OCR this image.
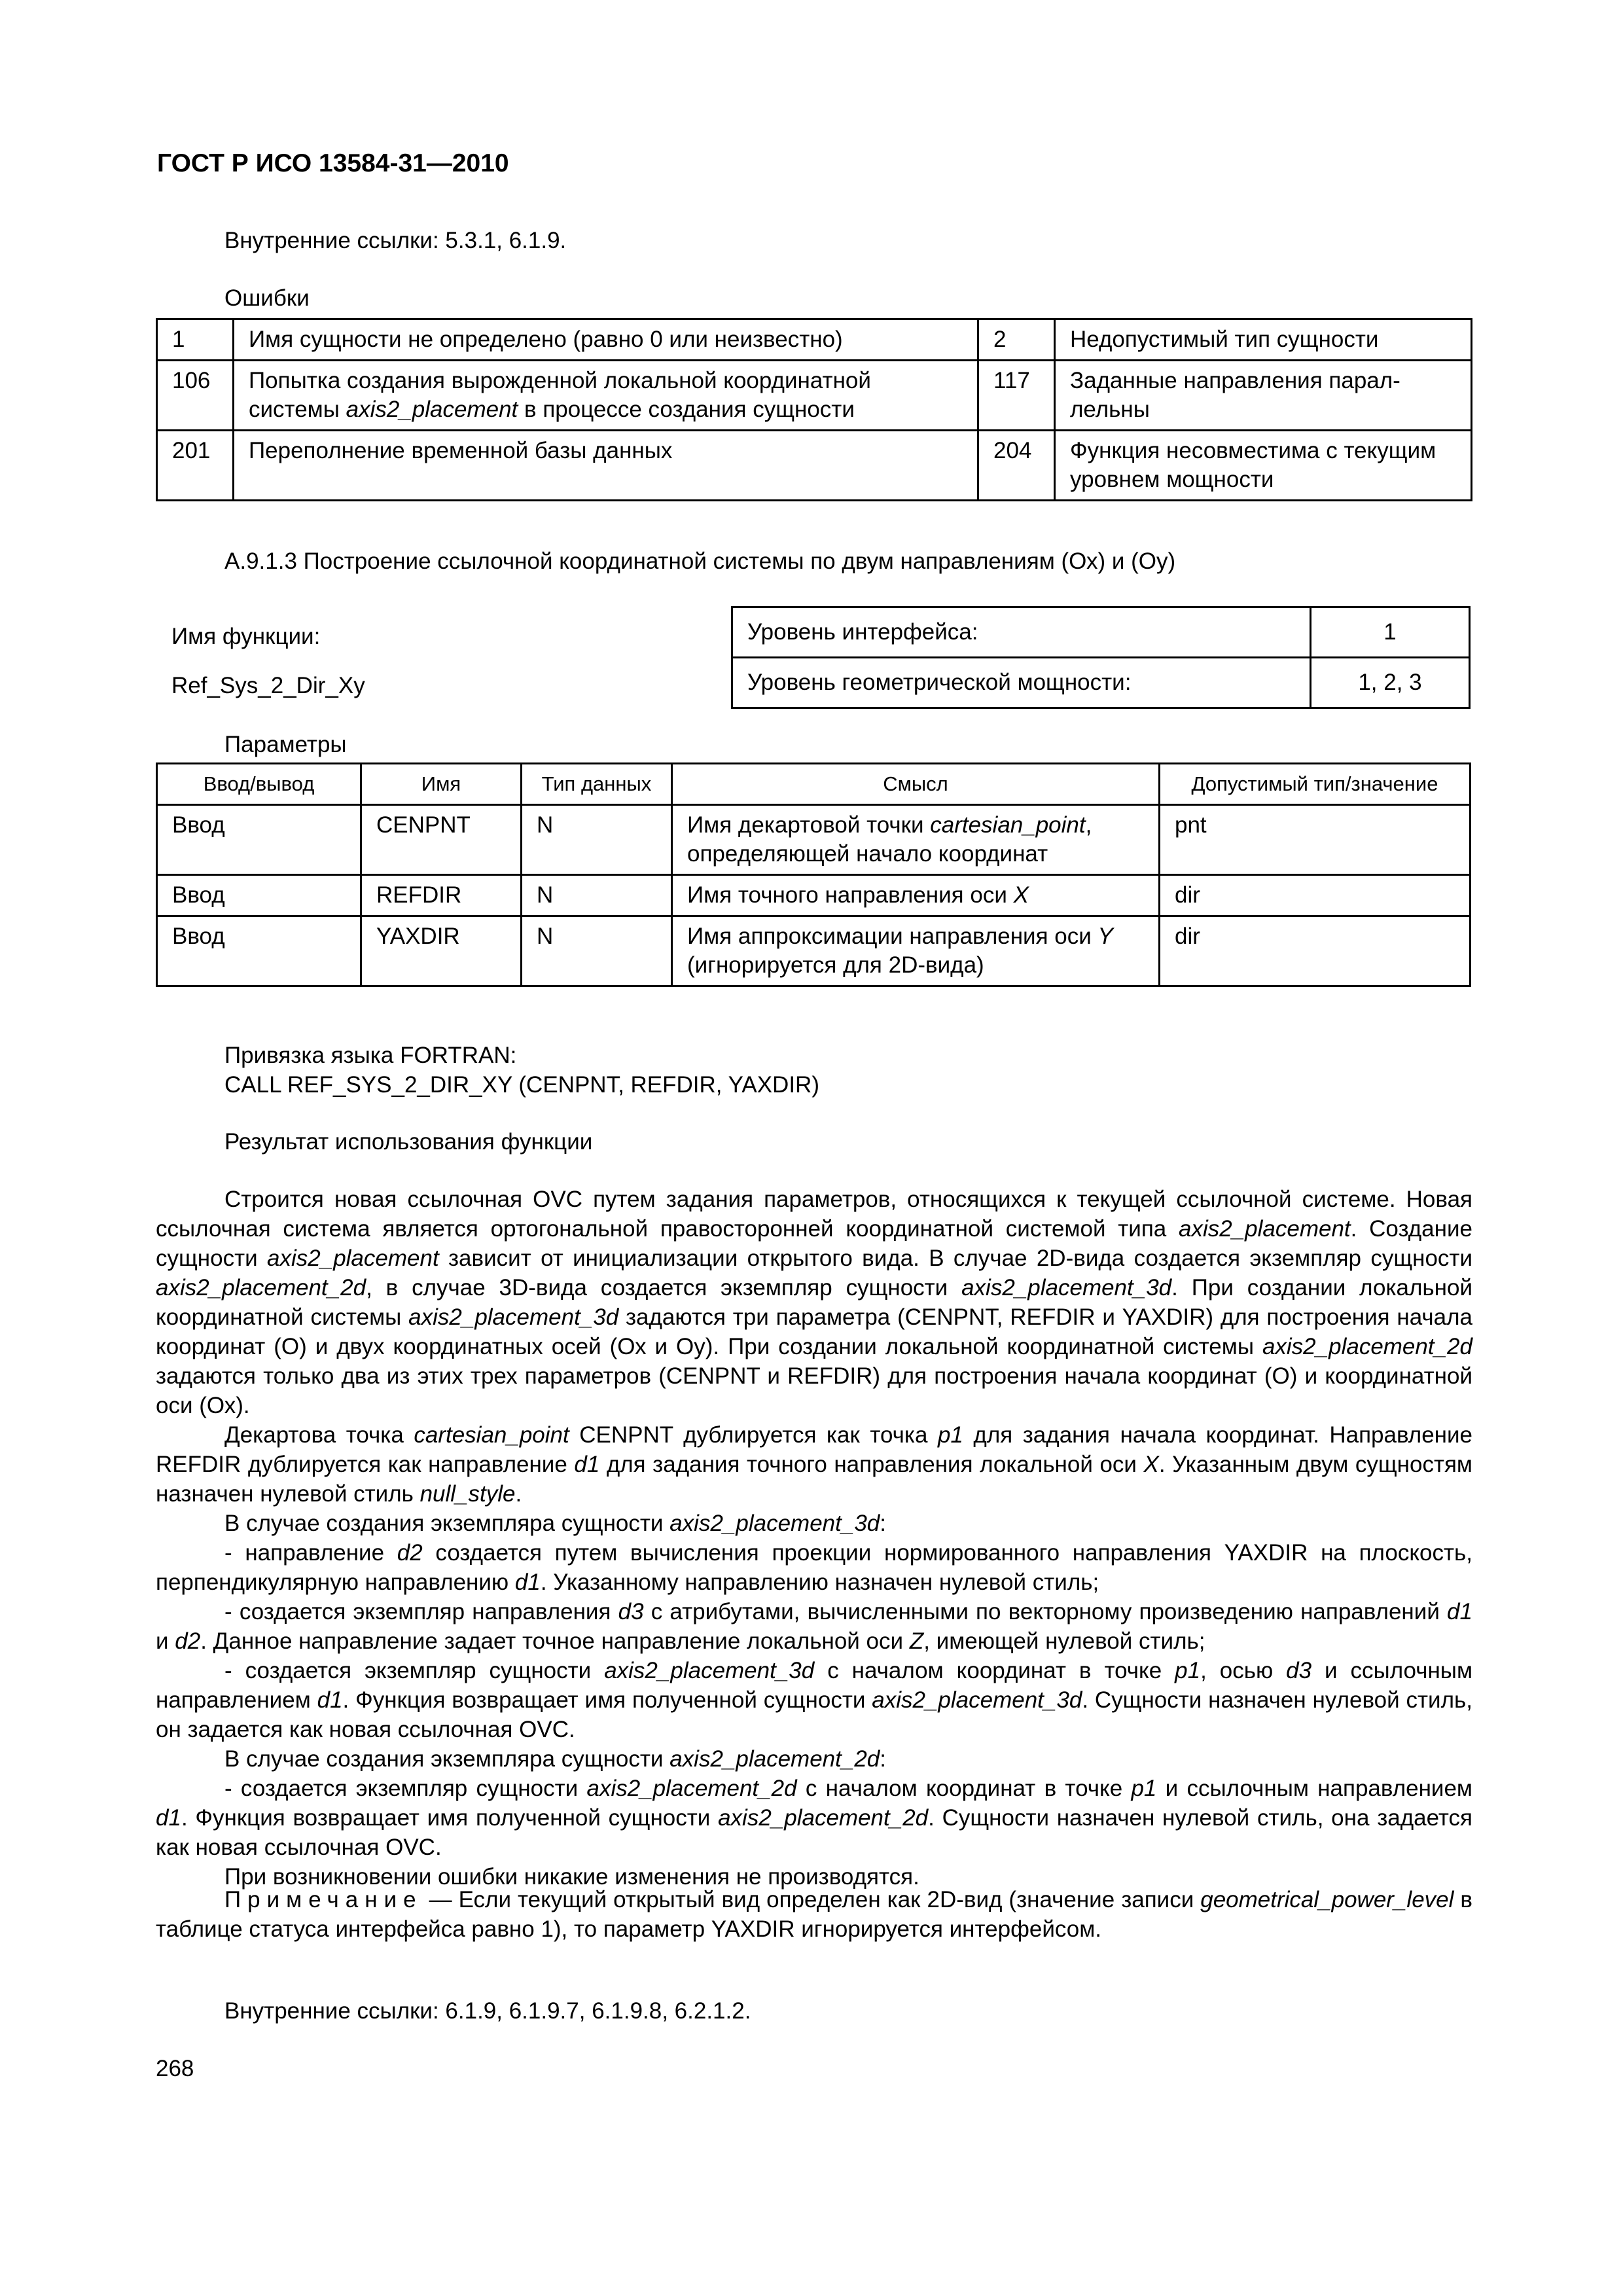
ГОСТ Р ИСО 13584-31—2010
Внутренние ссылки: 5.3.1, 6.1.9.
Ошибки
1	Имя сущности не определено (равно 0 или неизвестно)	2	Недопустимый тип сущности
106	Попытка создания вырожденной локальной координатной системы axis2_placement в процессе создания сущности	117	Заданные направления парал-лельны
201	Переполнение временной базы данных	204	Функция несовместима с текущим уровнем мощности
А.9.1.3 Построение ссылочной координатной системы по двум направлениям (Ох) и (Оу)
Имя функции:
Ref_Sys_2_Dir_Xy
Уровень интерфейса:	1
Уровень геометрической мощности:	1, 2, 3
Параметры
Ввод/вывод	Имя	Тип данных	Смысл	Допустимый тип/значение
Ввод	CENPNT	N	Имя декартовой точки cartesian_point, определяющей начало координат	pnt
Ввод	REFDIR	N	Имя точного направления оси X	dir
Ввод	YAXDIR	N	Имя аппроксимации направления оси Y (игнорируется для 2D-вида)	dir
Привязка языка FORTRAN:
CALL REF_SYS_2_DIR_XY (CENPNT, REFDIR, YAXDIR)
Результат использования функции

Строится новая ссылочная OVC путем задания параметров, относящихся к текущей ссылочной системе. Новая ссылочная система является ортогональной правосторонней координатной системой типа axis2_placement. Создание сущности axis2_placement зависит от инициализации открытого вида. В случае 2D-вида создается экземпляр сущности axis2_placement_2d, в случае 3D-вида создается экземпляр сущности axis2_placement_3d. При создании локальной координатной системы axis2_placement_3d задаются три параметра (CENPNT, REFDIR и YAXDIR) для построения начала координат (О) и двух координатных осей (Ох и Оу). При создании локальной координатной системы axis2_placement_2d задаются только два из этих трех параметров (CENPNT и REFDIR) для построения начала координат (О) и координатной оси (Ох).

Декартова точка cartesian_point CENPNT дублируется как точка p1 для задания начала координат. Направление REFDIR дублируется как направление d1 для задания точного направления локальной оси X. Указанным двум сущностям назначен нулевой стиль null_style.

В случае создания экземпляра сущности axis2_placement_3d:

- направление d2 создается путем вычисления проекции нормированного направления YAXDIR на плоскость, перпендикулярную направлению d1. Указанному направлению назначен нулевой стиль;

- создается экземпляр направления d3 с атрибутами, вычисленными по векторному произведению направлений d1 и d2. Данное направление задает точное направление локальной оси Z, имеющей нулевой стиль;

- создается экземпляр сущности axis2_placement_3d с началом координат в точке p1, осью d3 и ссылочным направлением d1. Функция возвращает имя полученной сущности axis2_placement_3d. Сущности назначен нулевой стиль, он задается как новая ссылочная OVC.

В случае создания экземпляра сущности axis2_placement_2d:

- создается экземпляр сущности axis2_placement_2d с началом координат в точке p1 и ссылочным направлением d1. Функция возвращает имя полученной сущности axis2_placement_2d. Сущности назначен нулевой стиль, она задается как новая ссылочная OVC.

При возникновении ошибки никакие изменения не производятся.

Примечание — Если текущий открытый вид определен как 2D-вид (значение записи geometrical_power_level в таблице статуса интерфейса равно 1), то параметр YAXDIR игнорируется интерфейсом.

Внутренние ссылки: 6.1.9, 6.1.9.7, 6.1.9.8, 6.2.1.2.
268
